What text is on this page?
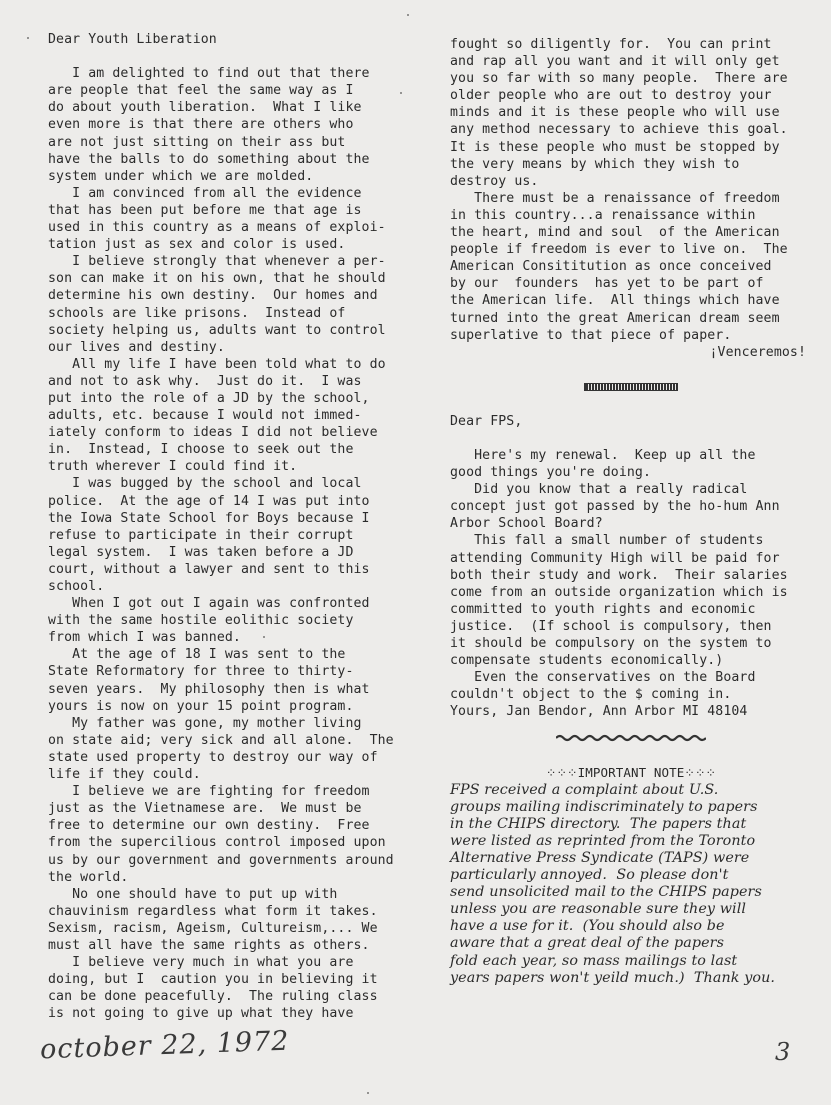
Dear Youth Liberation

I am delighted to find out that there

are people that feel the same way as I

do about youth liberation.  What I like

even more is that there are others who

are not just sitting on their ass but

have the balls to do something about the

system under which we are molded.

I am convinced from all the evidence

that has been put before me that age is

used in this country as a means of exploi-

tation just as sex and color is used.

I believe strongly that whenever a per-

son can make it on his own, that he should

determine his own destiny.  Our homes and

schools are like prisons.  Instead of

society helping us, adults want to control

our lives and destiny.

All my life I have been told what to do

and not to ask why.  Just do it.  I was

put into the role of a JD by the school,

adults, etc. because I would not immed-

iately conform to ideas I did not believe

in.  Instead, I choose to seek out the

truth wherever I could find it.

I was bugged by the school and local

police.  At the age of 14 I was put into

the Iowa State School for Boys because I

refuse to participate in their corrupt

legal system.  I was taken before a JD

court, without a lawyer and sent to this

school.

When I got out I again was confronted

with the same hostile eolithic society

from which I was banned.

At the age of 18 I was sent to the

State Reformatory for three to thirty-

seven years.  My philosophy then is what

yours is now on your 15 point program.

My father was gone, my mother living

on state aid; very sick and all alone.  The

state used property to destroy our way of

life if they could.

I believe we are fighting for freedom

just as the Vietnamese are.  We must be

free to determine our own destiny.  Free

from the supercilious control imposed upon

us by our government and governments around

the world.

No one should have to put up with

chauvinism regardless what form it takes.

Sexism, racism, Ageism, Cultureism,... We

must all have the same rights as others.

I believe very much in what you are

doing, but I  caution you in believing it

can be done peacefully.  The ruling class

is not going to give up what they have

fought so diligently for.  You can print

and rap all you want and it will only get

you so far with so many people.  There are

older people who are out to destroy your

minds and it is these people who will use

any method necessary to achieve this goal.

It is these people who must be stopped by

the very means by which they wish to

destroy us.

There must be a renaissance of freedom

in this country...a renaissance within

the heart, mind and soul  of the American

people if freedom is ever to live on.  The

American Consititution as once conceived

by our  founders  has yet to be part of

the American life.  All things which have

turned into the great American dream seem

superlative to that piece of paper.

¡Venceremos!

Dear FPS,

Here's my renewal.  Keep up all the

good things you're doing.

Did you know that a really radical

concept just got passed by the ho-hum Ann

Arbor School Board?

This fall a small number of students

attending Community High will be paid for

both their study and work.  Their salaries

come from an outside organization which is

committed to youth rights and economic

justice.  (If school is compulsory, then

it should be compulsory on the system to

compensate students economically.)

Even the conservatives on the Board

couldn't object to the $ coming in.

Yours, Jan Bendor, Ann Arbor MI 48104

⁘⁘⁘IMPORTANT NOTE⁘⁘⁘

FPS received a complaint about U.S.

groups mailing indiscriminately to papers

in the CHIPS directory.  The papers that

were listed as reprinted from the Toronto

Alternative Press Syndicate (TAPS) were

particularly annoyed.  So please don't

send unsolicited mail to the CHIPS papers

unless you are reasonable sure they will

have a use for it.  (You should also be

aware that a great deal of the papers

fold each year, so mass mailings to last

years papers won't yeild much.)  Thank you.

october 22, 1972	3
